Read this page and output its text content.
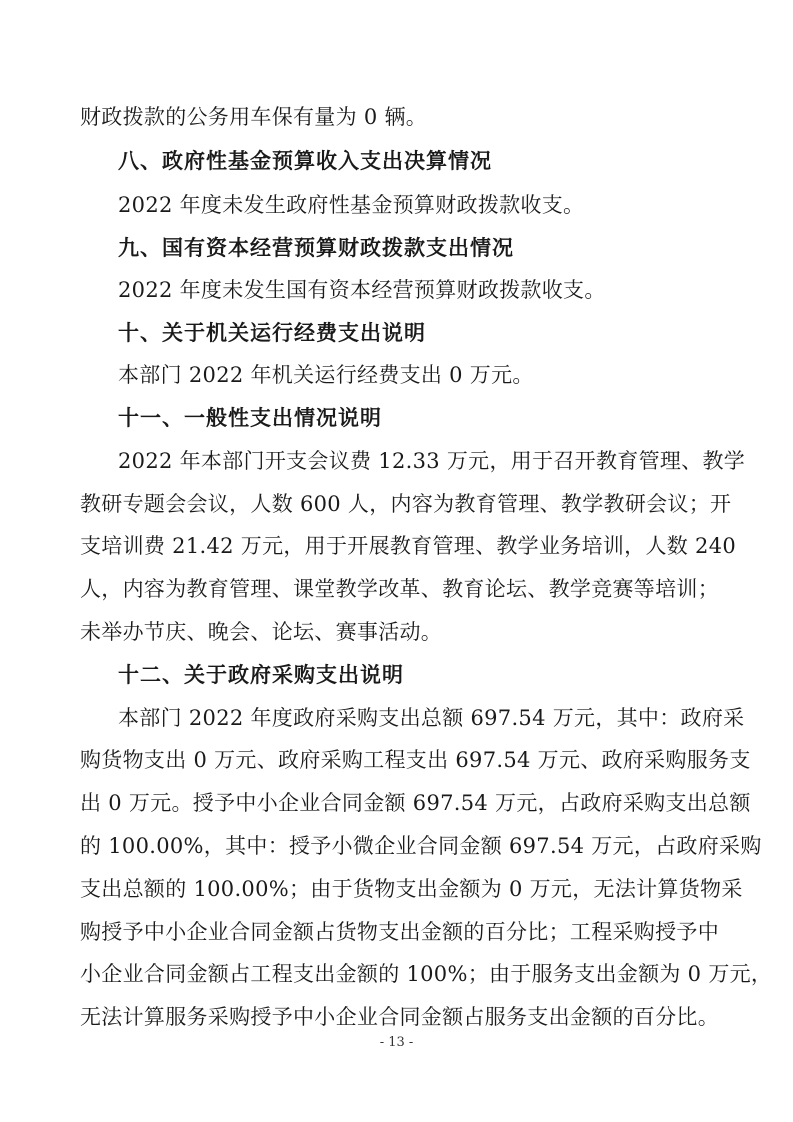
财政拨款的公务用车保有量为 0 辆。
八、政府性基金预算收入支出决算情况
2022 年度未发生政府性基金预算财政拨款收支。
九、国有资本经营预算财政拨款支出情况
2022 年度未发生国有资本经营预算财政拨款收支。
十、关于机关运行经费支出说明
本部门 2022 年机关运行经费支出 0 万元。
十一、一般性支出情况说明
2022 年本部门开支会议费 12.33 万元，用于召开教育管理、教学
教研专题会会议，人数 600 人，内容为教育管理、教学教研会议；开
支培训费 21.42 万元，用于开展教育管理、教学业务培训，人数 240
人，内容为教育管理、课堂教学改革、教育论坛、教学竞赛等培训；
未举办节庆、晚会、论坛、赛事活动。
十二、关于政府采购支出说明
本部门 2022 年度政府采购支出总额 697.54 万元，其中：政府采
购货物支出 0 万元、政府采购工程支出 697.54 万元、政府采购服务支
出 0 万元。授予中小企业合同金额 697.54 万元，占政府采购支出总额
的 100.00%，其中：授予小微企业合同金额 697.54 万元，占政府采购
支出总额的 100.00%；由于货物支出金额为 0 万元，无法计算货物采
购授予中小企业合同金额占货物支出金额的百分比；工程采购授予中
小企业合同金额占工程支出金额的 100%；由于服务支出金额为 0 万元，
无法计算服务采购授予中小企业合同金额占服务支出金额的百分比。
- 13 -
